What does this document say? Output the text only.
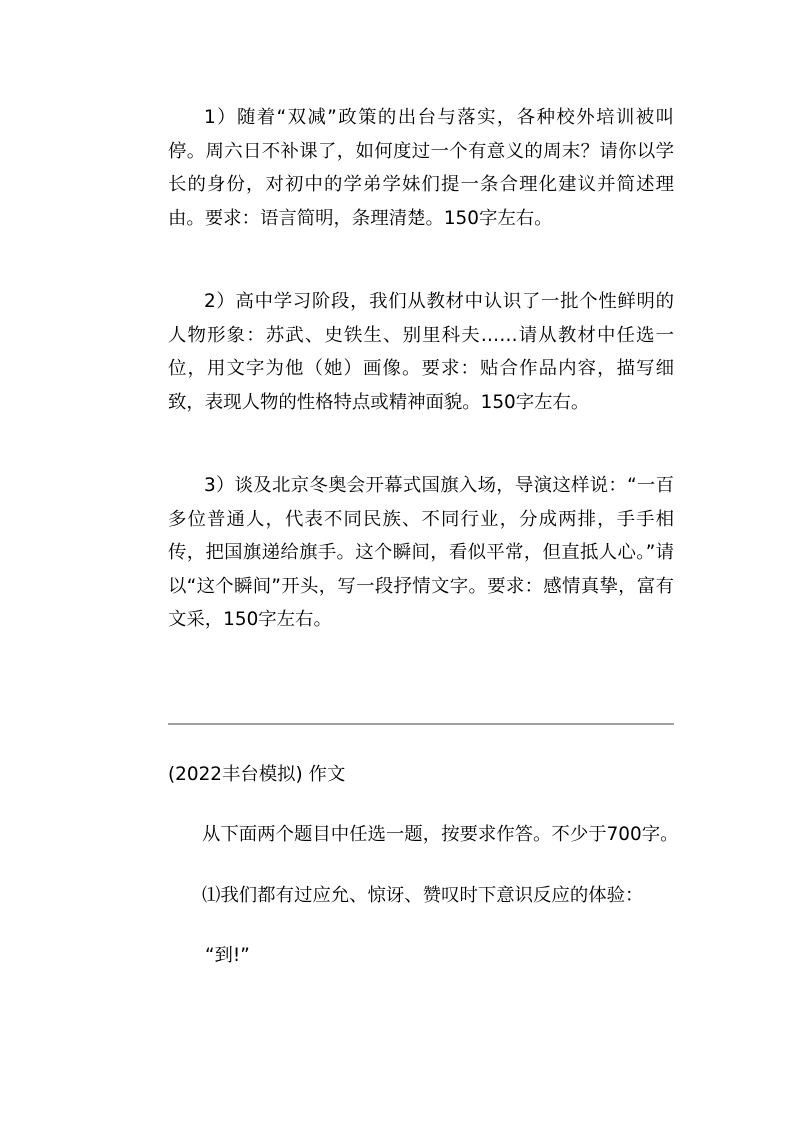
1）随着“双减”政策的出台与落实，各种校外培训被叫停。周六日不补课了，如何度过一个有意义的周末？请你以学长的身份，对初中的学弟学妹们提一条合理化建议并简述理由。要求：语言简明，条理清楚。150字左右。

2）高中学习阶段，我们从教材中认识了一批个性鲜明的人物形象：苏武、史铁生、别里科夫……请从教材中任选一位，用文字为他（她）画像。要求：贴合作品内容，描写细致，表现人物的性格特点或精神面貌。150字左右。

3）谈及北京冬奥会开幕式国旗入场，导演这样说：“一百多位普通人，代表不同民族、不同行业，分成两排，手手相传，把国旗递给旗手。这个瞬间，看似平常，但直抵人心。”请以“这个瞬间”开头，写一段抒情文字。要求：感情真挚，富有文采，150字左右。

(2022丰台模拟) 作文

从下面两个题目中任选一题，按要求作答。不少于700字。

⑴我们都有过应允、惊讶、赞叹时下意识反应的体验：

“到!”
